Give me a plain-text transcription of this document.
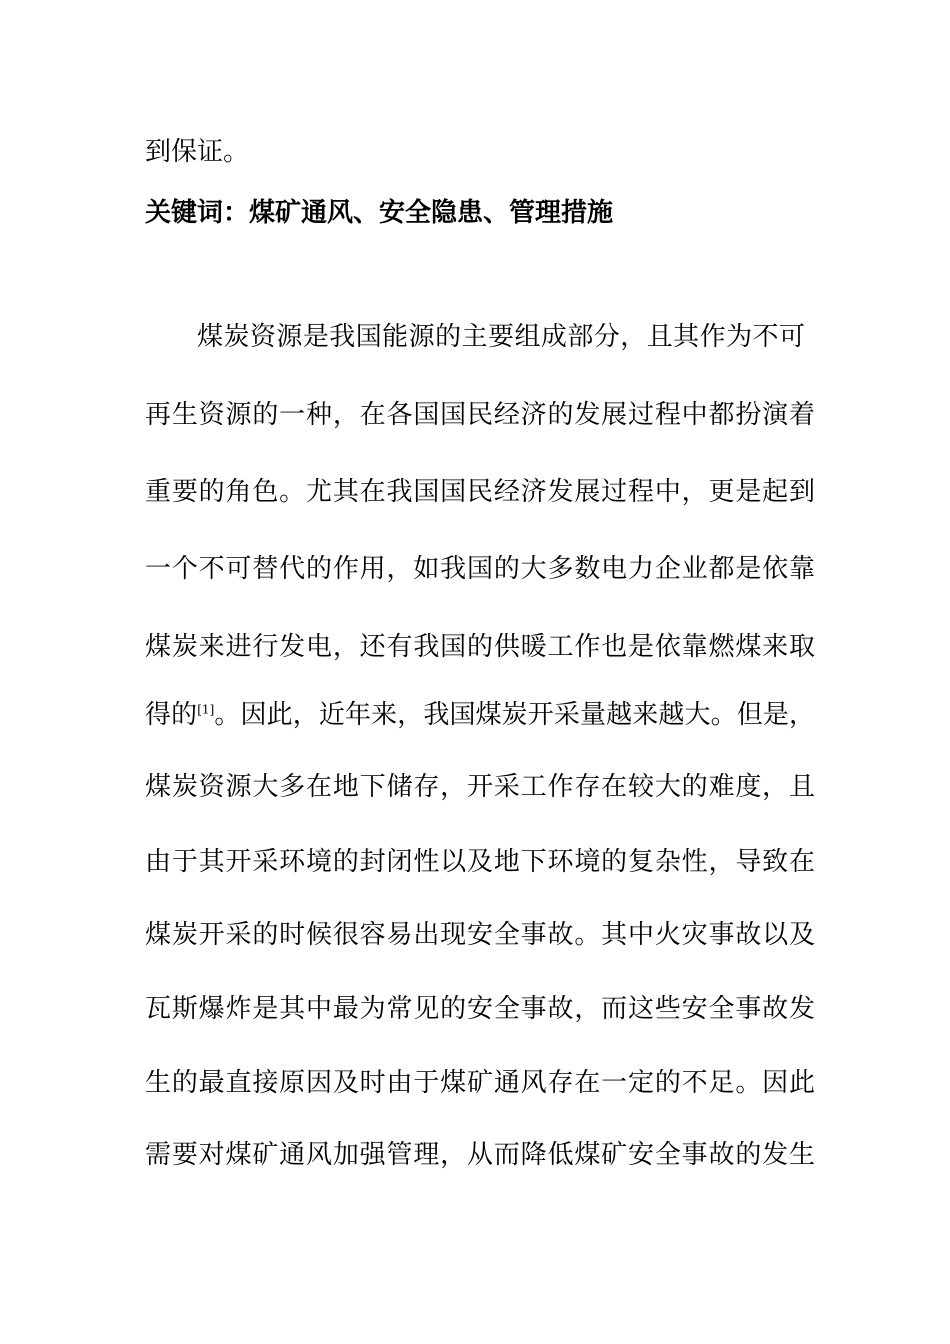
到保证。
关键词：煤矿通风、安全隐患、管理措施
煤炭资源是我国能源的主要组成部分，且其作为不可
再生资源的一种，在各国国民经济的发展过程中都扮演着
重要的角色。尤其在我国国民经济发展过程中，更是起到
一个不可替代的作用，如我国的大多数电力企业都是依靠
煤炭来进行发电，还有我国的供暖工作也是依靠燃煤来取
得的[1]。因此，近年来，我国煤炭开采量越来越大。但是，
煤炭资源大多在地下储存，开采工作存在较大的难度，且
由于其开采环境的封闭性以及地下环境的复杂性，导致在
煤炭开采的时候很容易出现安全事故。其中火灾事故以及
瓦斯爆炸是其中最为常见的安全事故，而这些安全事故发
生的最直接原因及时由于煤矿通风存在一定的不足。因此
需要对煤矿通风加强管理，从而降低煤矿安全事故的发生
